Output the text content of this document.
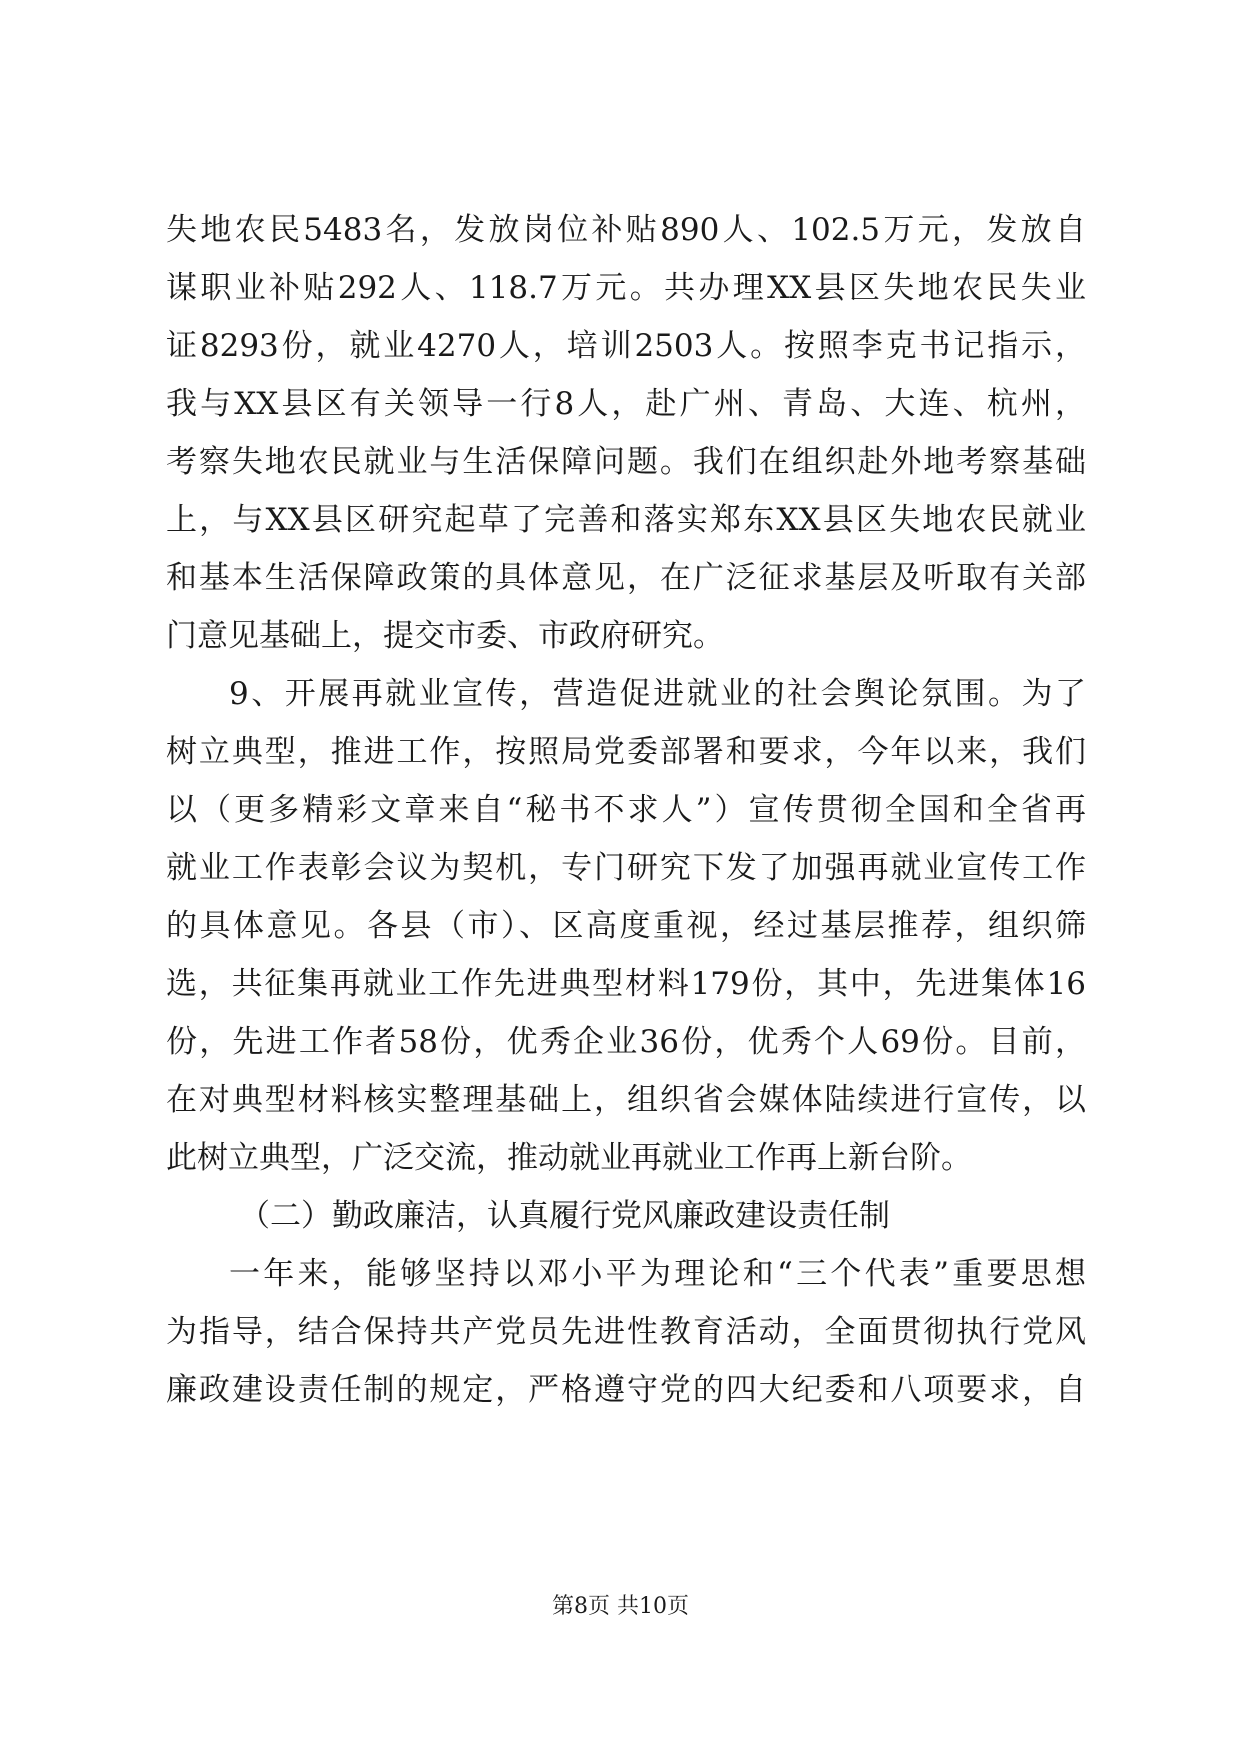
失地农民5483名，发放岗位补贴890人、102.5万元，发放自
谋职业补贴292人、118.7万元。共办理XX县区失地农民失业
证8293份，就业4270人，培训2503人。按照李克书记指示，
我与XX县区有关领导一行8人，赴广州、青岛、大连、杭州，
考察失地农民就业与生活保障问题。我们在组织赴外地考察基础
上，与XX县区研究起草了完善和落实郑东XX县区失地农民就业
和基本生活保障政策的具体意见，在广泛征求基层及听取有关部
门意见基础上，提交市委、市政府研究。
9、开展再就业宣传，营造促进就业的社会舆论氛围。为了
树立典型，推进工作，按照局党委部署和要求，今年以来，我们
以（更多精彩文章来自“秘书不求人”）宣传贯彻全国和全省再
就业工作表彰会议为契机，专门研究下发了加强再就业宣传工作
的具体意见。各县（市）、区高度重视，经过基层推荐，组织筛
选，共征集再就业工作先进典型材料179份，其中，先进集体16
份，先进工作者58份，优秀企业36份，优秀个人69份。目前，
在对典型材料核实整理基础上，组织省会媒体陆续进行宣传，以
此树立典型，广泛交流，推动就业再就业工作再上新台阶。
（二）勤政廉洁，认真履行党风廉政建设责任制
一年来，能够坚持以邓小平为理论和“三个代表”重要思想
为指导，结合保持共产党员先进性教育活动，全面贯彻执行党风
廉政建设责任制的规定，严格遵守党的四大纪委和八项要求，自
第8页 共10页
